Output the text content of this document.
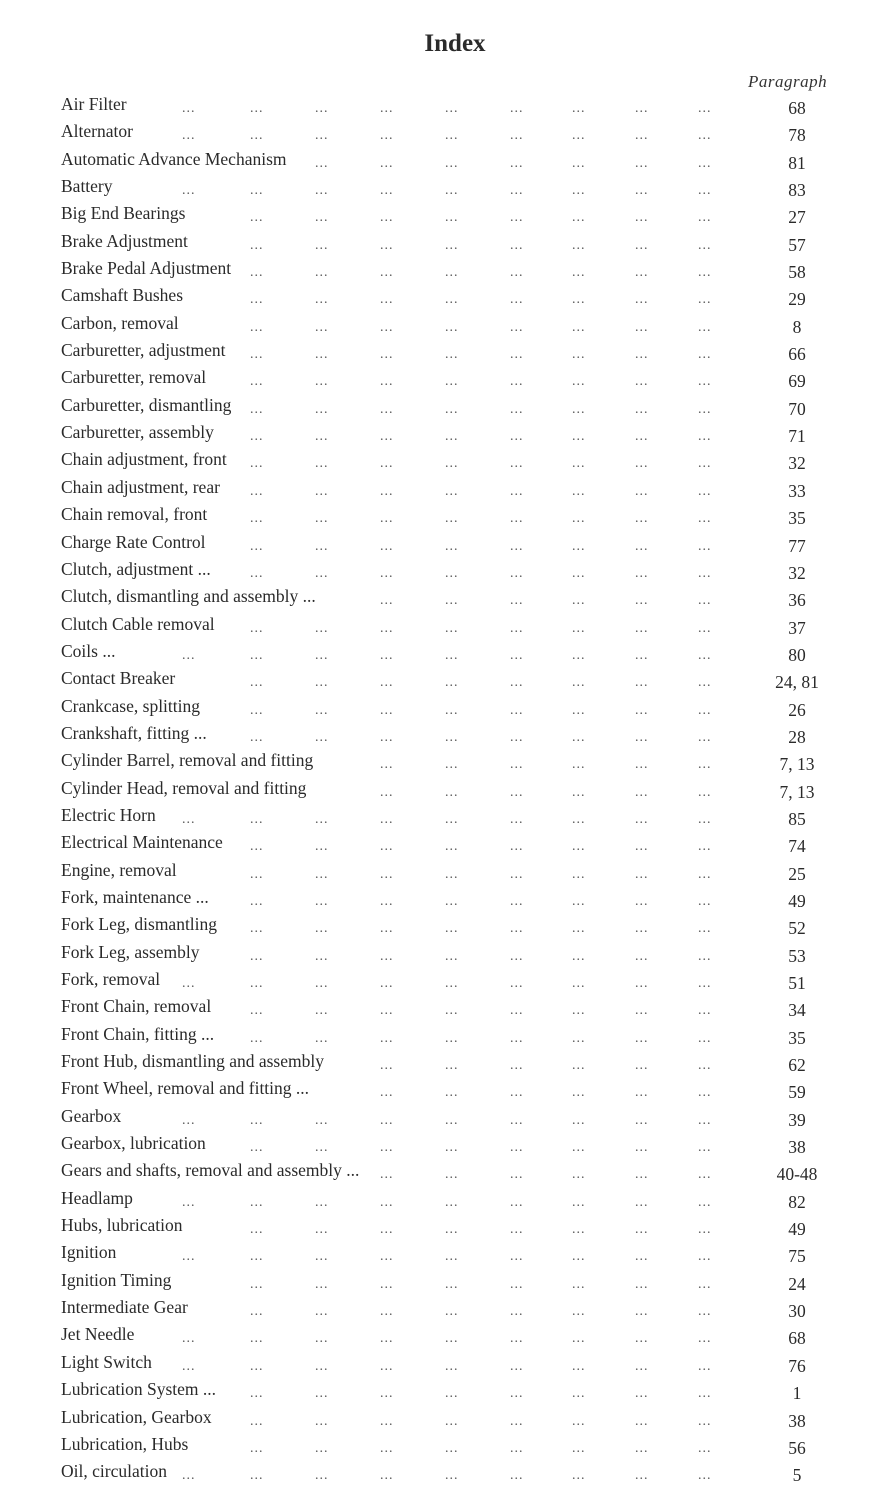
Index
Paragraph
Air Filter	...	...	...	...	...	...	...	...	...	68
Alternator	...	...	...	...	...	...	...	...	...	78
Automatic Advance Mechanism ...	...	...	...	...	...	...	81
Battery	...	...	...	...	...	...	...	...	...	83
Big End Bearings	...	...	...	...	...	...	...	...	27
Brake Adjustment	...	...	...	...	...	...	...	...	57
Brake Pedal Adjustment ...	...	...	...	...	...	...	...	58
Camshaft Bushes	...	...	...	...	...	...	...	...	29
Carbon, removal	...	...	...	...	...	...	...	...	8
Carburetter, adjustment ...	...	...	...	...	...	...	...	66
Carburetter, removal	...	...	...	...	...	...	...	...	69
Carburetter, dismantling ...	...	...	...	...	...	...	...	70
Carburetter, assembly	...	...	...	...	...	...	...	...	71
Chain adjustment, front ...	...	...	...	...	...	...	...	32
Chain adjustment, rear ...	...	...	...	...	...	...	...	33
Chain removal, front	...	...	...	...	...	...	...	...	35
Charge Rate Control	...	...	...	...	...	...	...	...	77
Clutch, adjustment ...	...	...	...	...	...	...	...	...	32
Clutch, dismantling and assembly ...	...	...	...	...	...	...	36
Clutch Cable removal	...	...	...	...	...	...	...	...	37
Coils ...	...	...	...	...	...	...	...	...	...	80
Contact Breaker	...	...	...	...	...	...	...	...	24, 81
Crankcase, splitting	...	...	...	...	...	...	...	...	26
Crankshaft, fitting ...	...	...	...	...	...	...	...	...	28
Cylinder Barrel, removal and fitting	...	...	...	...	...	...	7, 13
Cylinder Head, removal and fitting	...	...	...	...	...	...	7, 13
Electric Horn ...	...	...	...	...	...	...	...	...	85
Electrical Maintenance ...	...	...	...	...	...	...	...	74
Engine, removal	...	...	...	...	...	...	...	...	25
Fork, maintenance ...	...	...	...	...	...	...	...	...	49
Fork Leg, dismantling ...	...	...	...	...	...	...	...	52
Fork Leg, assembly	...	...	...	...	...	...	...	...	53
Fork, removal ...	...	...	...	...	...	...	...	...	51
Front Chain, removal	...	...	...	...	...	...	...	...	34
Front Chain, fitting ...	...	...	...	...	...	...	...	...	35
Front Hub, dismantling and assembly	...	...	...	...	...	...	62
Front Wheel, removal and fitting ...	...	...	...	...	...	...	59
Gearbox	...	...	...	...	...	...	...	...	...	39
Gearbox, lubrication	...	...	...	...	...	...	...	...	38
Gears and shafts, removal and assembly ... ...	...	...	...	...	...	40-48
Headlamp	...	...	...	...	...	...	...	...	...	82
Hubs, lubrication	...	...	...	...	...	...	...	...	49
Ignition	...	...	...	...	...	...	...	...	...	75
Ignition Timing	...	...	...	...	...	...	...	...	24
Intermediate Gear	...	...	...	...	...	...	...	...	30
Jet Needle	...	...	...	...	...	...	...	...	...	68
Light Switch ...	...	...	...	...	...	...	...	...	76
Lubrication System ... ...	...	...	...	...	...	...	...	1
Lubrication, Gearbox	...	...	...	...	...	...	...	...	38
Lubrication, Hubs	...	...	...	...	...	...	...	...	56
Oil, circulation ...	...	...	...	...	...	...	...	...	5
